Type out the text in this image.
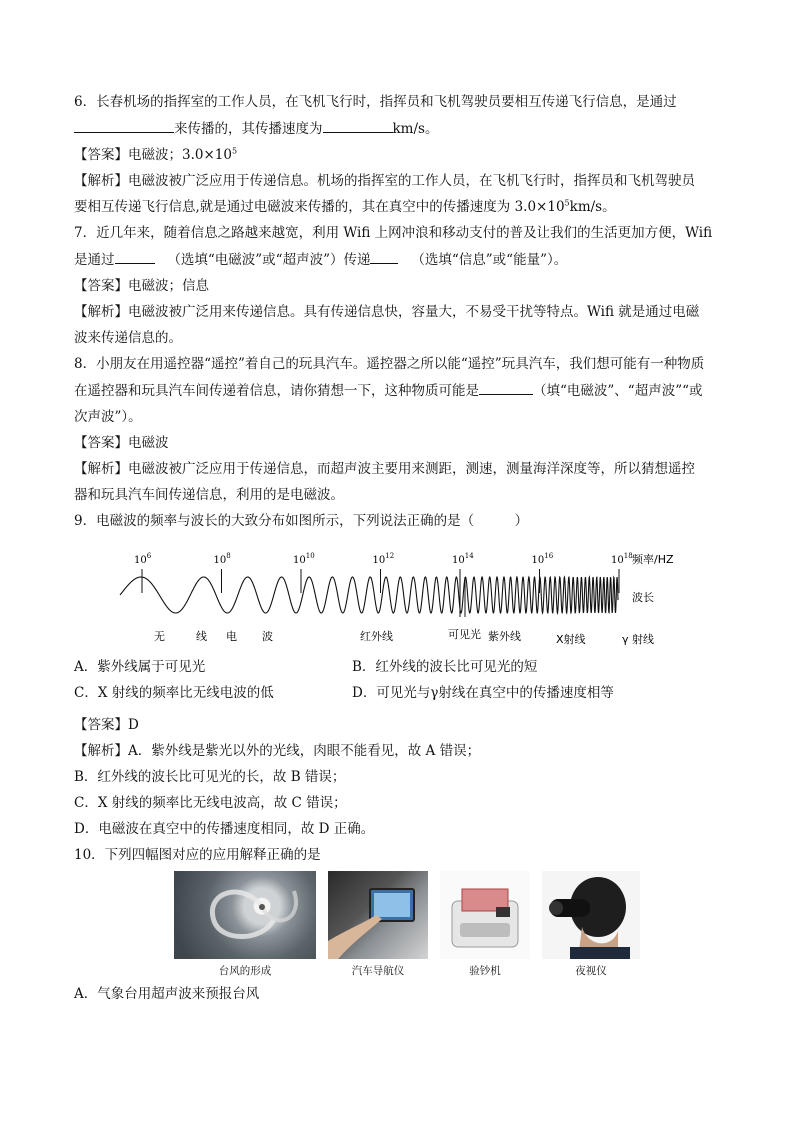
6．长春机场的指挥室的工作人员，在飞机飞行时，指挥员和飞机驾驶员要相互传递飞行信息，是通过
来传播的，其传播速度为	km/s。
【答案】电磁波；$3.0\times 10^5$
【解析】电磁波被广泛应用于传递信息。机场的指挥室的工作人员，在飞机飞行时，指挥员和飞机驾驶员
要相互传递飞行信息,就是通过电磁波来传播的，其在真空中的传播速度为 $3.0\times 10^5km/s$。
7．近几年来，随着信息之路越来越宽，利用 Wifi 上网冲浪和移动支付的普及让我们的生活更加方便，Wifi
是通过	（选填“电磁波”或“超声波”）传递	（选填“信息”或“能量”）。
【答案】电磁波；信息
【解析】电磁波被广泛用来传递信息。具有传递信息快，容量大，不易受干扰等特点。Wifi 就是通过电磁
波来传递信息的。
8．小朋友在用遥控器“遥控”着自己的玩具汽车。遥控器之所以能“遥控”玩具汽车，我们想可能有一种物质
在遥控器和玩具汽车间传递着信息，请你猜想一下，这种物质可能是	（填“电磁波”、“超声波”“或
次声波”）。
【答案】电磁波
【解析】电磁波被广泛应用于传递信息，而超声波主要用来测距，测速，测量海洋深度等，所以猜想遥控
器和玩具汽车间传递信息，利用的是电磁波。
9．电磁波的频率与波长的大致分布如图所示，下列说法正确的是（　　　）
$10^6$	$10^8$	$10^{10}$	$10^{12}$	$10^{14}$	$10^{16}$	$10^{18}$ 频率/HZ
波长
无	线 电 波	红外线	可见光 紫外线	X射线	γ 射线
A．紫外线属于可见光	B．红外线的波长比可见光的短
C．X 射线的频率比无线电波的低	D．可见光与γ射线在真空中的传播速度相等
【答案】D
【解析】A．紫外线是紫光以外的光线，肉眼不能看见，故 A 错误；
B．红外线的波长比可见光的长，故 B 错误；
C．X 射线的频率比无线电波高，故 C 错误；
D．电磁波在真空中的传播速度相同，故 D 正确。
10．下列四幅图对应的应用解释正确的是
台风的形成	汽车导航仪	验钞机	夜视仪
A．气象台用超声波来预报台风
